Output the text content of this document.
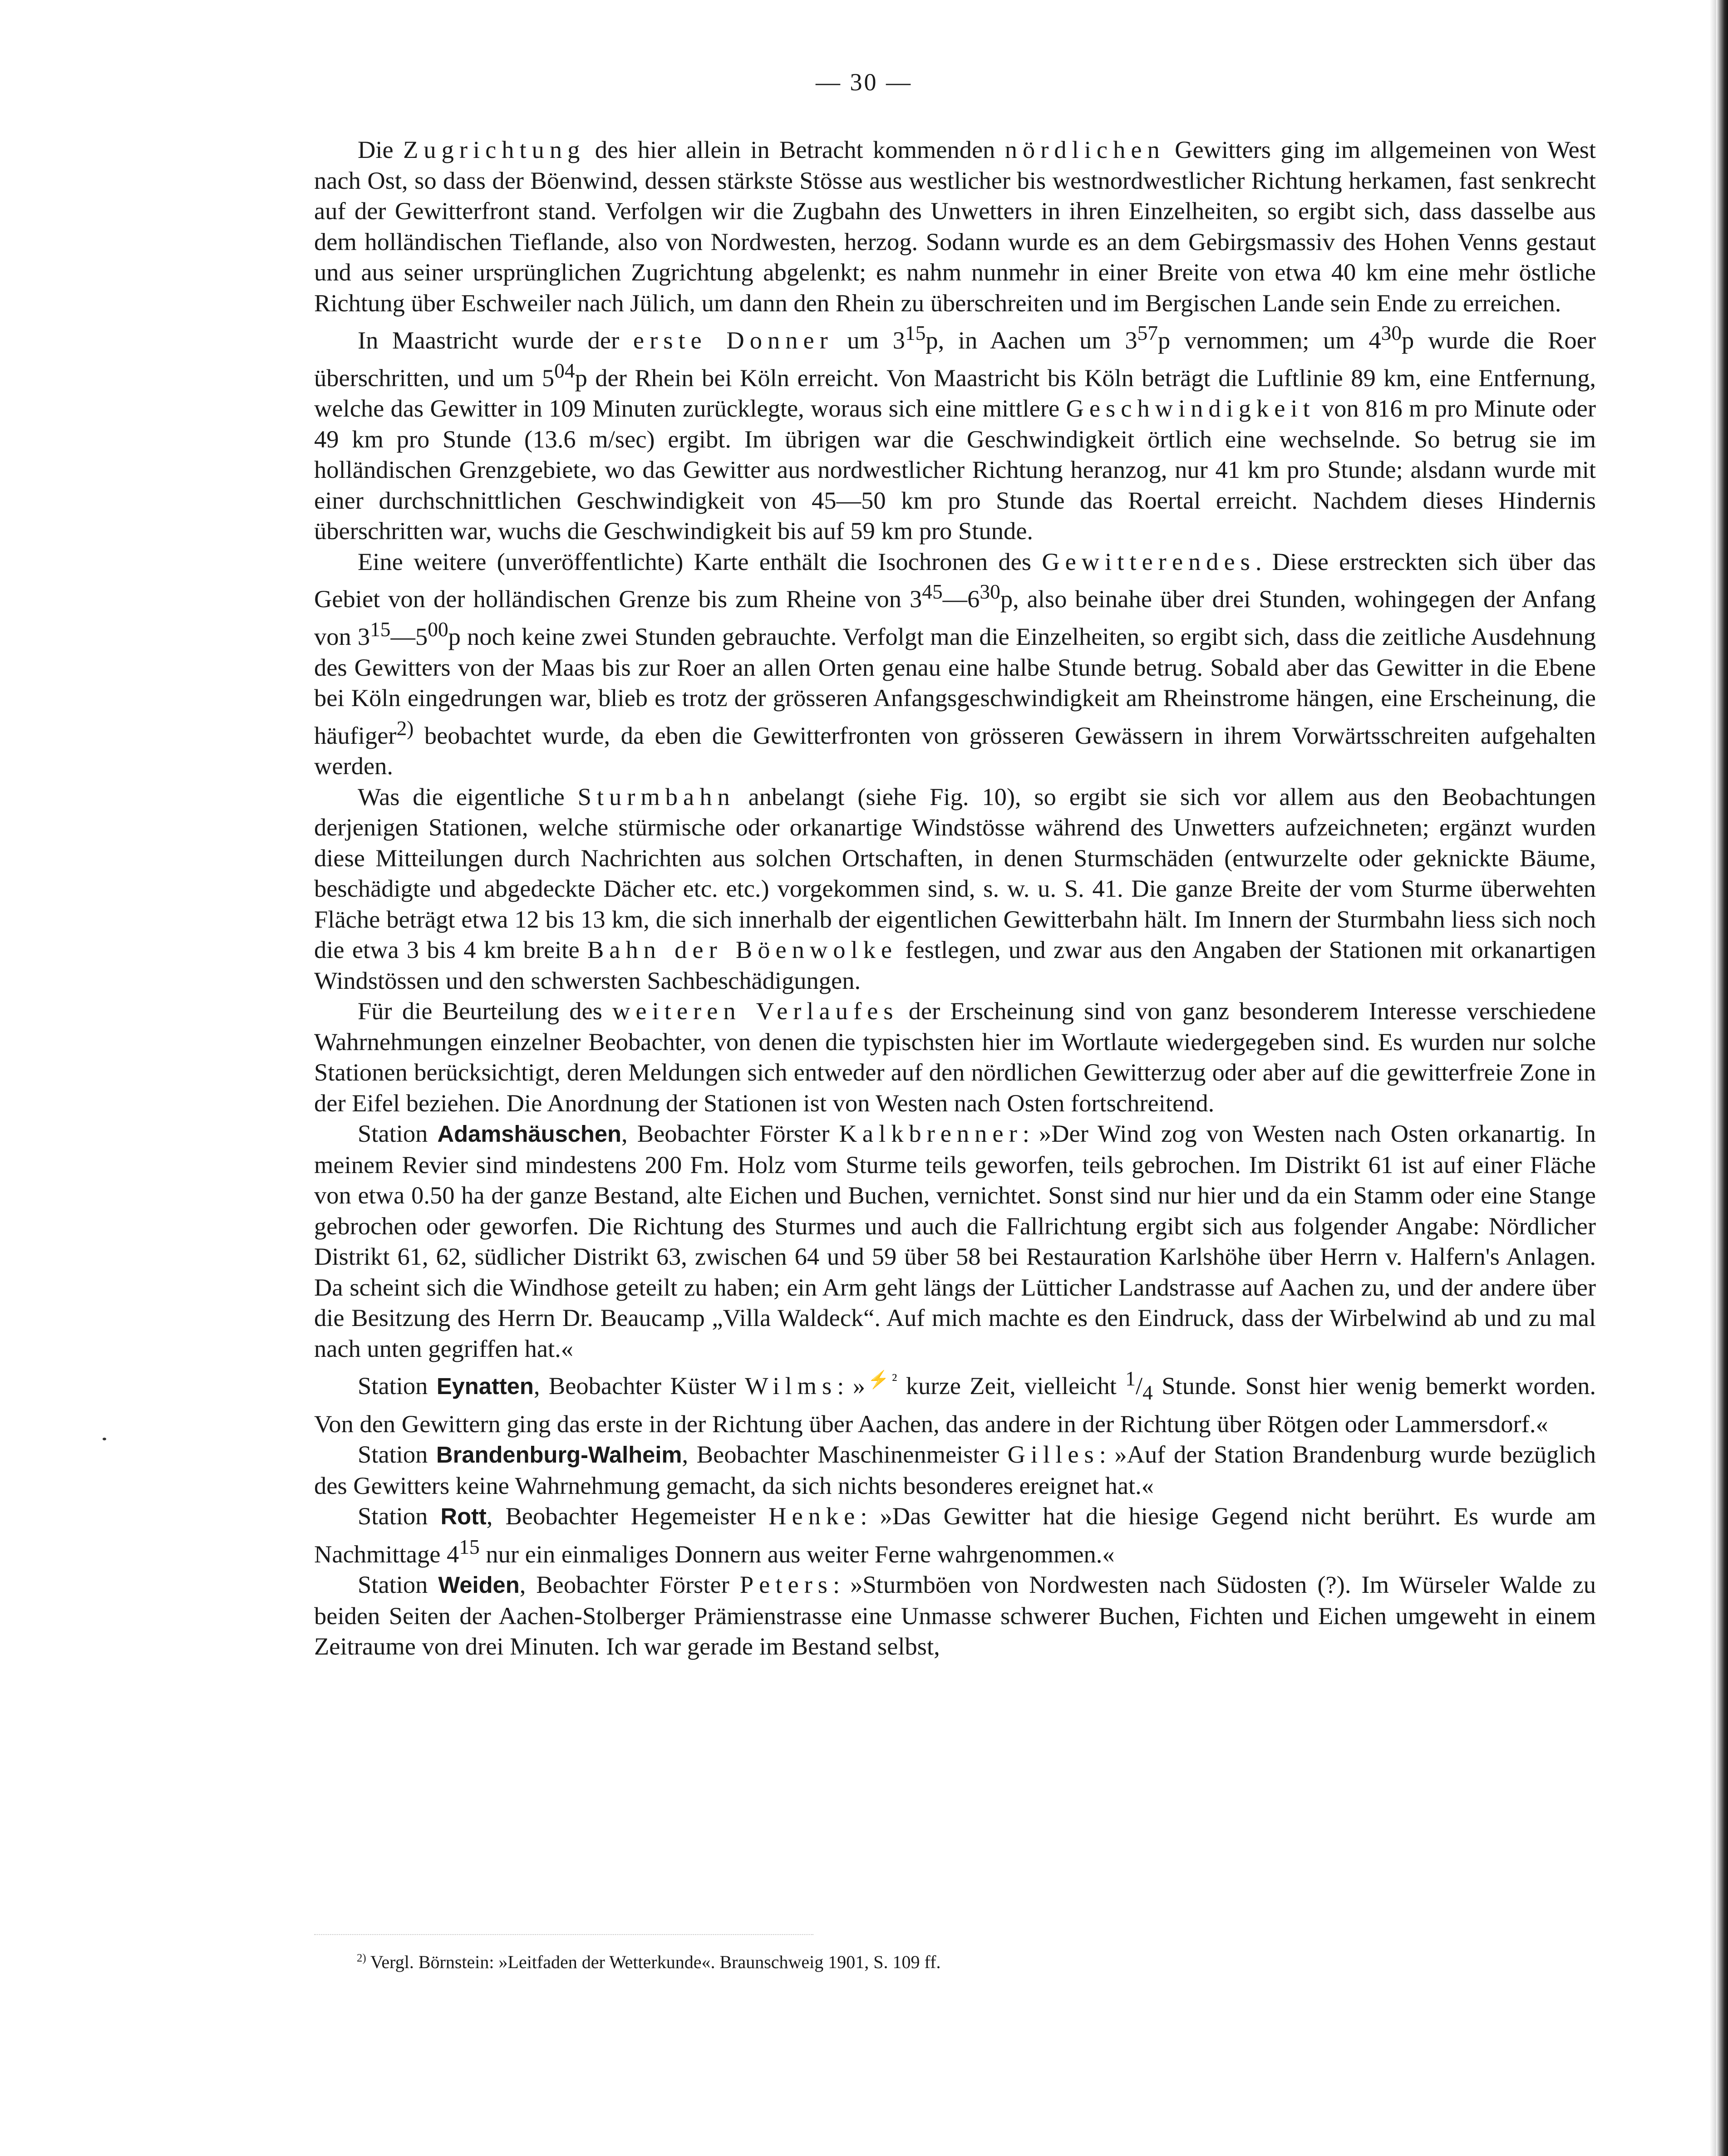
— 30 —

Die Zugrichtung des hier allein in Betracht kommenden nördlichen Gewitters ging im allgemeinen von West nach Ost, so dass der Böenwind, dessen stärkste Stösse aus westlicher bis westnordwestlicher Richtung herkamen, fast senkrecht auf der Gewitterfront stand. Verfolgen wir die Zugbahn des Unwetters in ihren Einzelheiten, so ergibt sich, dass dasselbe aus dem holländischen Tieflande, also von Nordwesten, herzog. Sodann wurde es an dem Gebirgsmassiv des Hohen Venns gestaut und aus seiner ursprünglichen Zugrichtung abgelenkt; es nahm nunmehr in einer Breite von etwa 40 km eine mehr östliche Richtung über Eschweiler nach Jülich, um dann den Rhein zu überschreiten und im Bergischen Lande sein Ende zu erreichen.

In Maastricht wurde der erste Donner um $3^{15}p$, in Aachen um $3^{57}p$ vernommen; um $4^{30}p$ wurde die Roer überschritten, und um $5^{04}p$ der Rhein bei Köln erreicht. Von Maastricht bis Köln beträgt die Luftlinie 89 km, eine Entfernung, welche das Gewitter in 109 Minuten zurücklegte, woraus sich eine mittlere Geschwindigkeit von 816 m pro Minute oder 49 km pro Stunde (13.6 m/sec) ergibt. Im übrigen war die Geschwindigkeit örtlich eine wechselnde. So betrug sie im holländischen Grenzgebiete, wo das Gewitter aus nordwestlicher Richtung heranzog, nur 41 km pro Stunde; alsdann wurde mit einer durchschnittlichen Geschwindigkeit von 45—50 km pro Stunde das Roertal erreicht. Nachdem dieses Hindernis überschritten war, wuchs die Geschwindigkeit bis auf 59 km pro Stunde.

Eine weitere (unveröffentlichte) Karte enthält die Isochronen des Gewitterendes. Diese erstreckten sich über das Gebiet von der holländischen Grenze bis zum Rheine von $3^{45}—6^{30}p$, also beinahe über drei Stunden, wohingegen der Anfang von $3^{15}—5^{00}p$ noch keine zwei Stunden gebrauchte. Verfolgt man die Einzelheiten, so ergibt sich, dass die zeitliche Ausdehnung des Gewitters von der Maas bis zur Roer an allen Orten genau eine halbe Stunde betrug. Sobald aber das Gewitter in die Ebene bei Köln eingedrungen war, blieb es trotz der grösseren Anfangsgeschwindigkeit am Rheinstrome hängen, eine Erscheinung, die häufiger$^{2)}$ beobachtet wurde, da eben die Gewitterfronten von grösseren Gewässern in ihrem Vorwärtsschreiten aufgehalten werden.

Was die eigentliche Sturmbahn anbelangt (siehe Fig. 10), so ergibt sie sich vor allem aus den Beobachtungen derjenigen Stationen, welche stürmische oder orkanartige Windstösse während des Unwetters aufzeichneten; ergänzt wurden diese Mitteilungen durch Nachrichten aus solchen Ortschaften, in denen Sturmschäden (entwurzelte oder geknickte Bäume, beschädigte und abgedeckte Dächer etc. etc.) vorgekommen sind, s. w. u. S. 41. Die ganze Breite der vom Sturme überwehten Fläche beträgt etwa 12 bis 13 km, die sich innerhalb der eigentlichen Gewitterbahn hält. Im Innern der Sturmbahn liess sich noch die etwa 3 bis 4 km breite Bahn der Böenwolke festlegen, und zwar aus den Angaben der Stationen mit orkanartigen Windstössen und den schwersten Sachbeschädigungen.

Für die Beurteilung des weiteren Verlaufes der Erscheinung sind von ganz besonderem Interesse verschiedene Wahrnehmungen einzelner Beobachter, von denen die typischsten hier im Wortlaute wiedergegeben sind. Es wurden nur solche Stationen berücksichtigt, deren Meldungen sich entweder auf den nördlichen Gewitterzug oder aber auf die gewitterfreie Zone in der Eifel beziehen. Die Anordnung der Stationen ist von Westen nach Osten fortschreitend.

Station Adamshäuschen, Beobachter Förster Kalkbrenner: »Der Wind zog von Westen nach Osten orkanartig. In meinem Revier sind mindestens 200 Fm. Holz vom Sturme teils geworfen, teils gebrochen. Im Distrikt 61 ist auf einer Fläche von etwa 0.50 ha der ganze Bestand, alte Eichen und Buchen, vernichtet. Sonst sind nur hier und da ein Stamm oder eine Stange gebrochen oder geworfen. Die Richtung des Sturmes und auch die Fallrichtung ergibt sich aus folgender Angabe: Nördlicher Distrikt 61, 62, südlicher Distrikt 63, zwischen 64 und 59 über 58 bei Restauration Karlshöhe über Herrn v. Halfern's Anlagen. Da scheint sich die Windhose geteilt zu haben; ein Arm geht längs der Lütticher Landstrasse auf Aachen zu, und der andere über die Besitzung des Herrn Dr. Beaucamp „Villa Waldeck“. Auf mich machte es den Eindruck, dass der Wirbelwind ab und zu mal nach unten gegriffen hat.«

Station Eynatten, Beobachter Küster Wilms: »$^{⚡^2}$ kurze Zeit, vielleicht $^1/_4$ Stunde. Sonst hier wenig bemerkt worden. Von den Gewittern ging das erste in der Richtung über Aachen, das andere in der Richtung über Rötgen oder Lammersdorf.«

Station Brandenburg-Walheim, Beobachter Maschinenmeister Gilles: »Auf der Station Brandenburg wurde bezüglich des Gewitters keine Wahrnehmung gemacht, da sich nichts besonderes ereignet hat.«

Station Rott, Beobachter Hegemeister Henke: »Das Gewitter hat die hiesige Gegend nicht berührt. Es wurde am Nachmittage $4^{15}$ nur ein einmaliges Donnern aus weiter Ferne wahrgenommen.«

Station Weiden, Beobachter Förster Peters: »Sturmböen von Nordwesten nach Südosten (?). Im Würseler Walde zu beiden Seiten der Aachen-Stolberger Prämienstrasse eine Unmasse schwerer Buchen, Fichten und Eichen umgeweht in einem Zeitraume von drei Minuten. Ich war gerade im Bestand selbst,

$^{2)}$ Vergl. Börnstein: »Leitfaden der Wetterkunde«. Braunschweig 1901, S. 109 ff.
